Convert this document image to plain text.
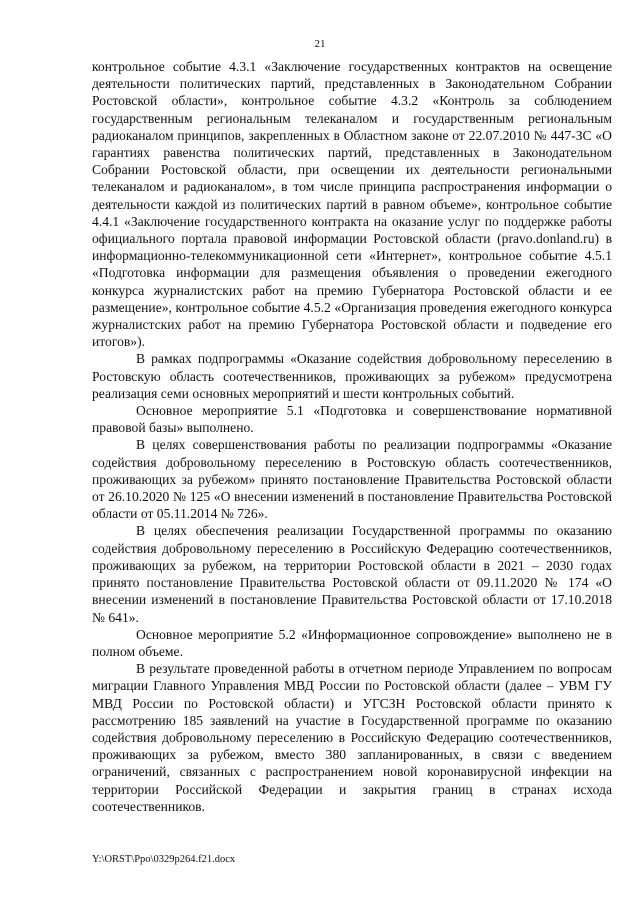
21

контрольное событие 4.3.1 «Заключение государственных контрактов на освещение деятельности политических партий, представленных в Законодательном Собрании Ростовской области», контрольное событие 4.3.2 «Контроль за соблюдением государственным региональным телеканалом и государственным региональным радиоканалом принципов, закрепленных в Областном законе от 22.07.2010 № 447-ЗС «О гарантиях равенства политических партий, представленных в Законодательном Собрании Ростовской области, при освещении их деятельности региональными телеканалом и радиоканалом», в том числе принципа распространения информации о деятельности каждой из политических партий в равном объеме», контрольное событие 4.4.1 «Заключение государственного контракта на оказание услуг по поддержке работы официального портала правовой информации Ростовской области (pravo.donland.ru) в информационно-телекоммуникационной сети «Интернет», контрольное событие 4.5.1 «Подготовка информации для размещения объявления о проведении ежегодного конкурса журналистских работ на премию Губернатора Ростовской области и ее размещение», контрольное событие 4.5.2 «Организация проведения ежегодного конкурса журналистских работ на премию Губернатора Ростовской области и подведение его итогов»).

В рамках подпрограммы «Оказание содействия добровольному переселению в Ростовскую область соотечественников, проживающих за рубежом» предусмотрена реализация семи основных мероприятий и шести контрольных событий.

Основное мероприятие 5.1 «Подготовка и совершенствование нормативной правовой базы» выполнено.

В целях совершенствования работы по реализации подпрограммы «Оказание содействия добровольному переселению в Ростовскую область соотечественников, проживающих за рубежом» принято постановление Правительства Ростовской области от 26.10.2020 № 125 «О внесении изменений в постановление Правительства Ростовской области от 05.11.2014 № 726».

В целях обеспечения реализации Государственной программы по оказанию содействия добровольному переселению в Российскую Федерацию соотечественников, проживающих за рубежом, на территории Ростовской области в 2021 – 2030 годах принято постановление Правительства Ростовской области от 09.11.2020 № 174 «О внесении изменений в постановление Правительства Ростовской области от 17.10.2018 № 641».

Основное мероприятие 5.2 «Информационное сопровождение» выполнено не в полном объеме.

В результате проведенной работы в отчетном периоде Управлением по вопросам миграции Главного Управления МВД России по Ростовской области (далее – УВМ ГУ МВД России по Ростовской области) и УГСЗН Ростовской области принято к рассмотрению 185 заявлений на участие в Государственной программе по оказанию содействия добровольному переселению в Российскую Федерацию соотечественников, проживающих за рубежом, вместо 380 запланированных, в связи с введением ограничений, связанных с распространением новой коронавирусной инфекции на территории Российской Федерации и закрытия границ в странах исхода соотечественников.

Y:\ORST\Ppo\0329p264.f21.docx
